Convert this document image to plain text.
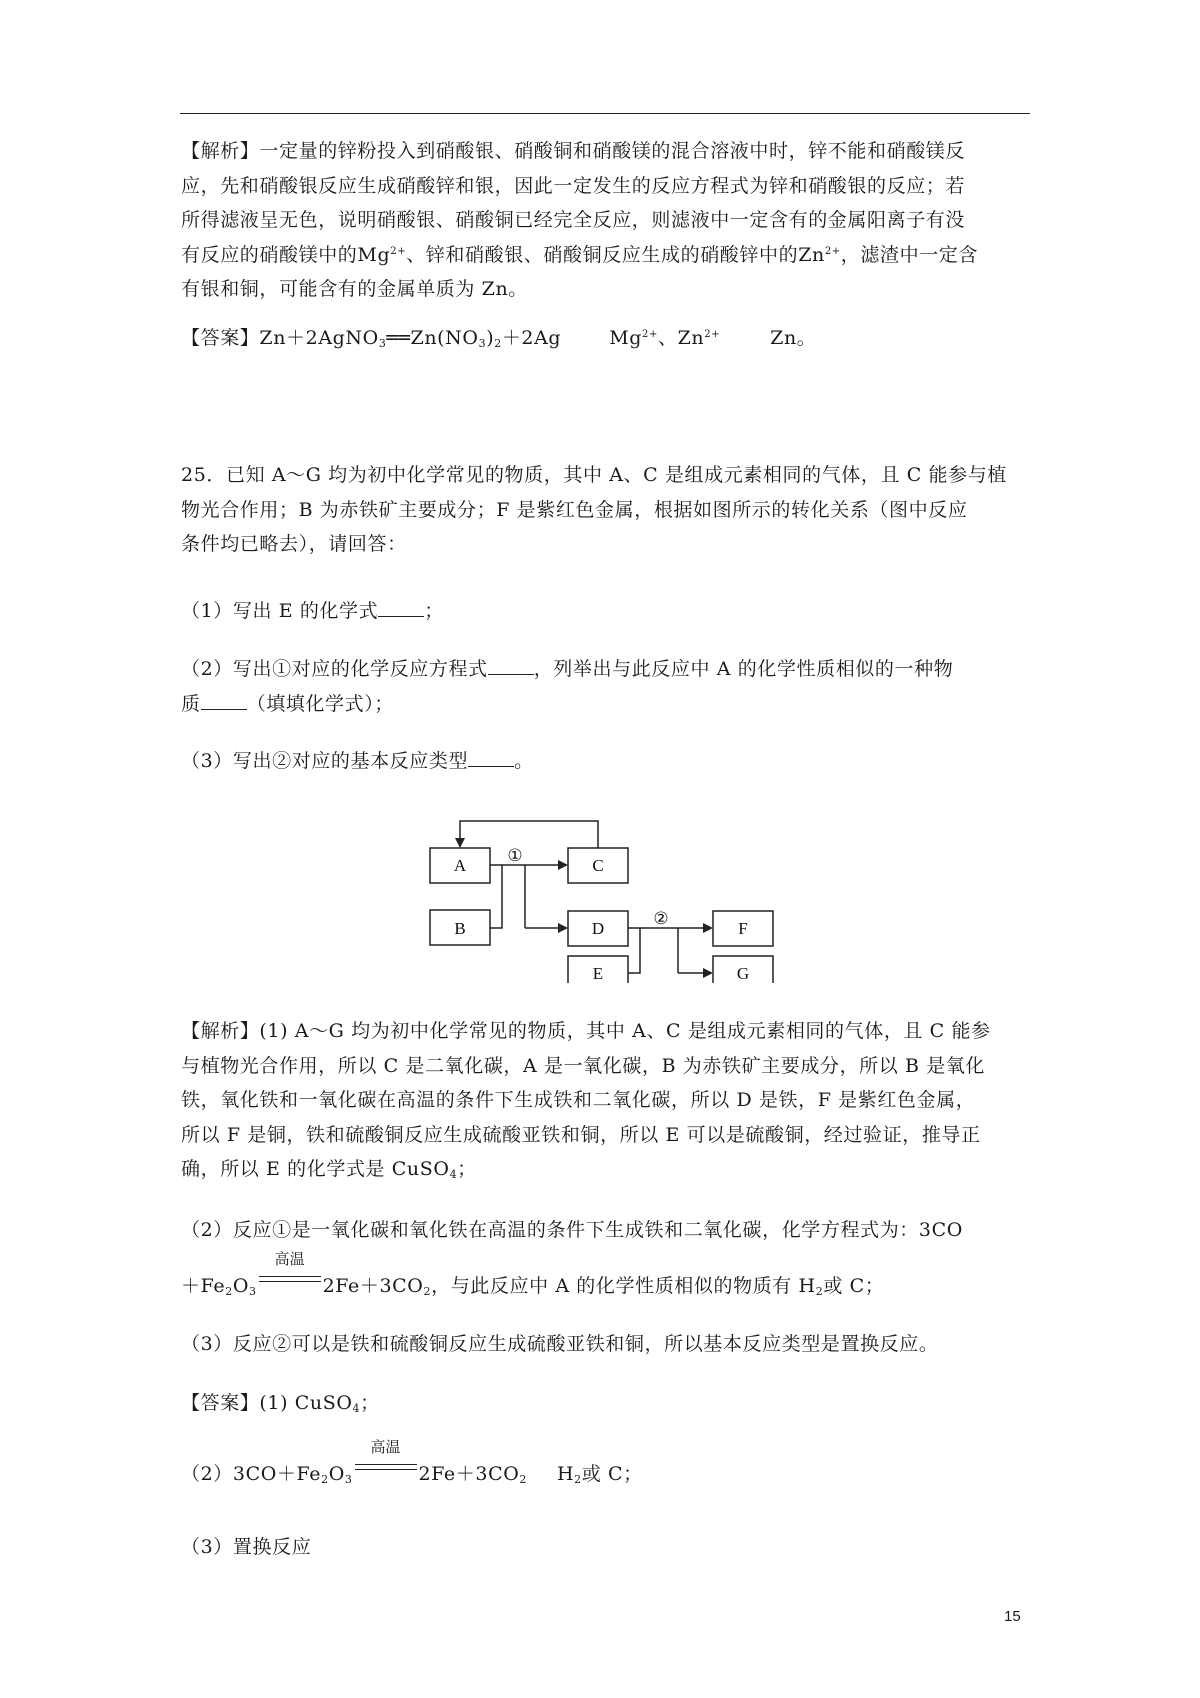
【解析】一定量的锌粉投入到硝酸银、硝酸铜和硝酸镁的混合溶液中时，锌不能和硝酸镁反
应，先和硝酸银反应生成硝酸锌和银，因此一定发生的反应方程式为锌和硝酸银的反应；若
所得滤液呈无色，说明硝酸银、硝酸铜已经完全反应，则滤液中一定含有的金属阳离子有没
有反应的硝酸镁中的$Mg^{2+}$、锌和硝酸银、硝酸铜反应生成的硝酸锌中的$Zn^{2+}$，滤渣中一定含
有银和铜，可能含有的金属单质为 Zn。
【答案】$Zn+2AgNO_3══Zn(NO_3)_2+2Ag$	$Mg^{2+}$、$Zn^{2+}$	Zn。
25．已知 A～G 均为初中化学常见的物质，其中 A、C 是组成元素相同的气体，且 C 能参与植
物光合作用；B 为赤铁矿主要成分；F 是紫红色金属，根据如图所示的转化关系（图中反应
条件均已略去），请回答：
（1）写出 E 的化学式 ；
（2）写出①对应的化学反应方程式 ，列举出与此反应中 A 的化学性质相似的一种物
质 （填填化学式）；
（3）写出②对应的基本反应类型 。
A
B
C
D
E
F
G
①
②
【解析】(1) A～G 均为初中化学常见的物质，其中 A、C 是组成元素相同的气体，且 C 能参
与植物光合作用，所以 C 是二氧化碳，A 是一氧化碳，B 为赤铁矿主要成分，所以 B 是氧化
铁，氧化铁和一氧化碳在高温的条件下生成铁和二氧化碳，所以 D 是铁，F 是紫红色金属，
所以 F 是铜，铁和硫酸铜反应生成硫酸亚铁和铜，所以 E 可以是硫酸铜，经过验证，推导正
确，所以 E 的化学式是 CuSO$_4$；
（2）反应①是一氧化碳和氧化铁在高温的条件下生成铁和二氧化碳，化学方程式为：3CO
$+Fe_2O_3$
高温
$2Fe+3CO_2$，与此反应中 A 的化学性质相似的物质有 $H_2$或 C；
（3）反应②可以是铁和硫酸铜反应生成硫酸亚铁和铜，所以基本反应类型是置换反应。
【答案】(1) CuSO$_4$；
$(2)3CO+Fe_2O_3$
高温
$2Fe+3CO_2$ $H_2$或 C；
（3）置换反应
15
